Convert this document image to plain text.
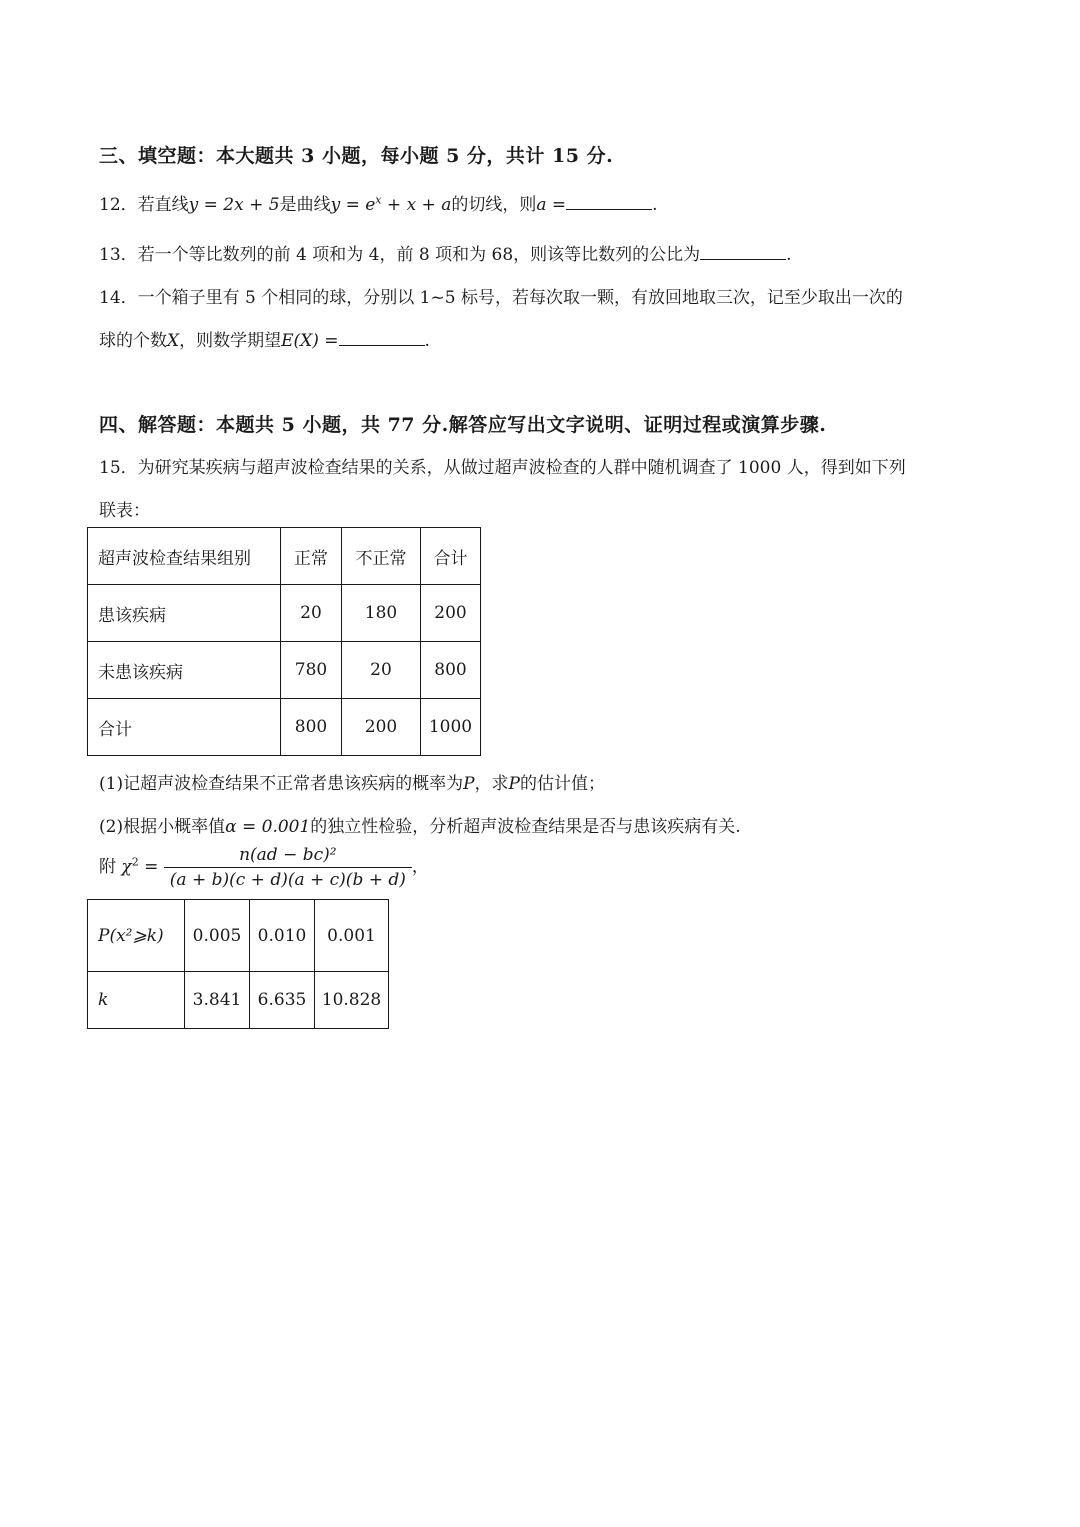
三、填空题：本大题共 3 小题，每小题 5 分，共计 15 分.
12．若直线y = 2x + 5是曲线$y = e^x + x + a$的切线，则a =	.
13．若一个等比数列的前 4 项和为 4，前 8 项和为 68，则该等比数列的公比为	.
14．一个箱子里有 5 个相同的球，分别以 1~5 标号，若每次取一颗，有放回地取三次，记至少取出一次的
球的个数X，则数学期望E(X) =	.
四、解答题：本题共 5 小题，共 77 分.解答应写出文字说明、证明过程或演算步骤.
15．为研究某疾病与超声波检查结果的关系，从做过超声波检查的人群中随机调查了 1000 人，得到如下列
联表：
超声波检查结果组别	正常	不正常	合计
患该疾病	20	180	200
未患该疾病	780	20	800
合计	800	200	1000
(1)记超声波检查结果不正常者患该疾病的概率为P，求P的估计值；
(2)根据小概率值α = 0.001的独立性检验，分析超声波检查结果是否与患该疾病有关.
附 $\chi^2 = \frac{\text{n(ad − bc)²}}{(a + b)(c + d)(a + c)(b + d)}$ ，
P(x²⩾k)	0.005	0.010	0.001
k	3.841	6.635	10.828
